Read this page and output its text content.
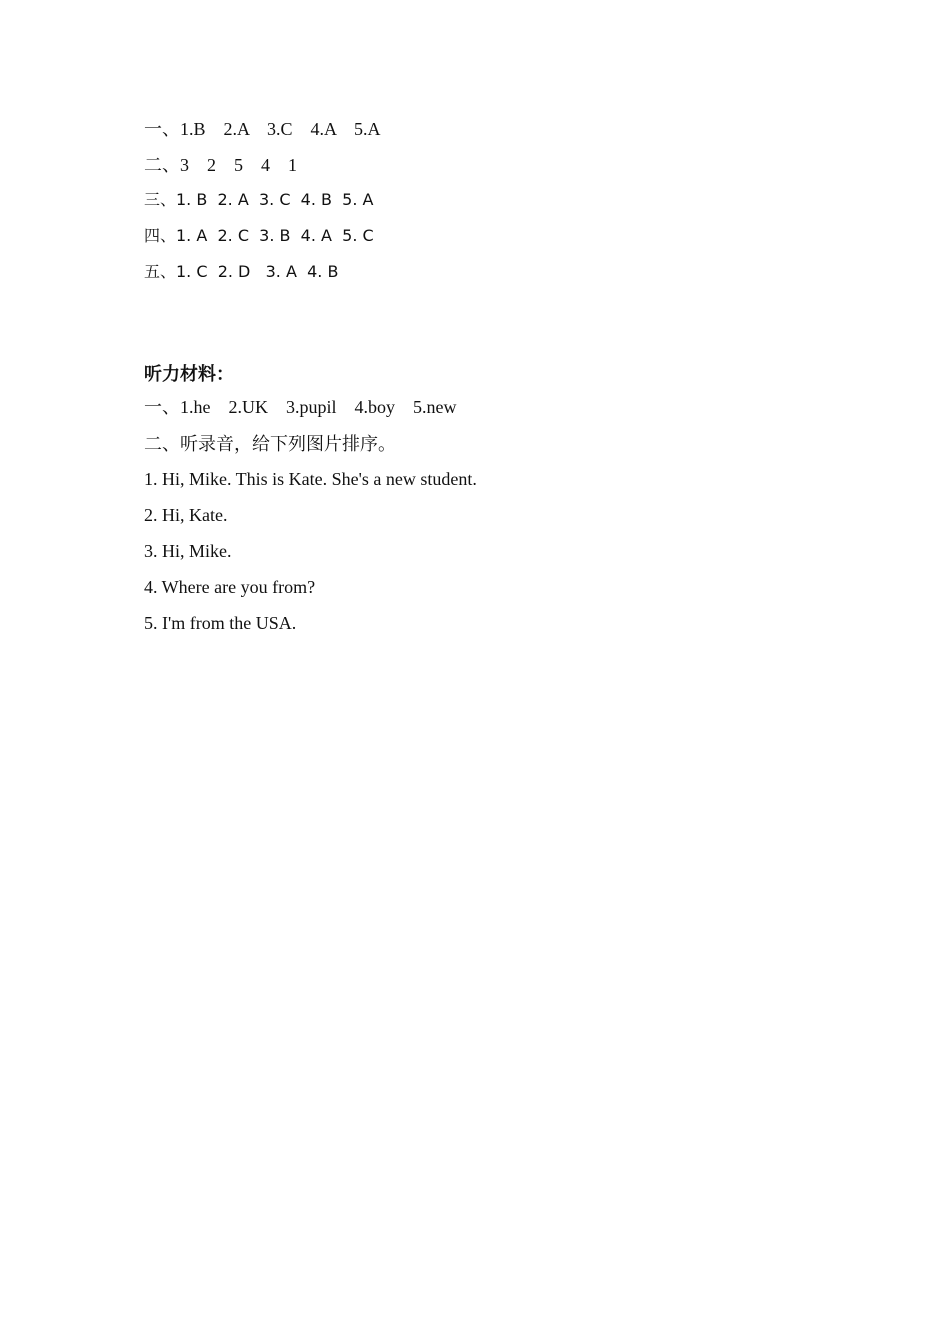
一、1.B    2.A    3.C    4.A    5.A
二、3    2    5    4    1
三、1. B  2. A  3. C  4. B  5. A
四、1. A  2. C  3. B  4. A  5. C
五、1. C  2. D   3. A  4. B
听力材料：
一、1.he    2.UK    3.pupil    4.boy    5.new
二、听录音，给下列图片排序。
1. Hi, Mike. This is Kate. She's a new student.
2. Hi, Kate.
3. Hi, Mike.
4. Where are you from?
5. I'm from the USA.
